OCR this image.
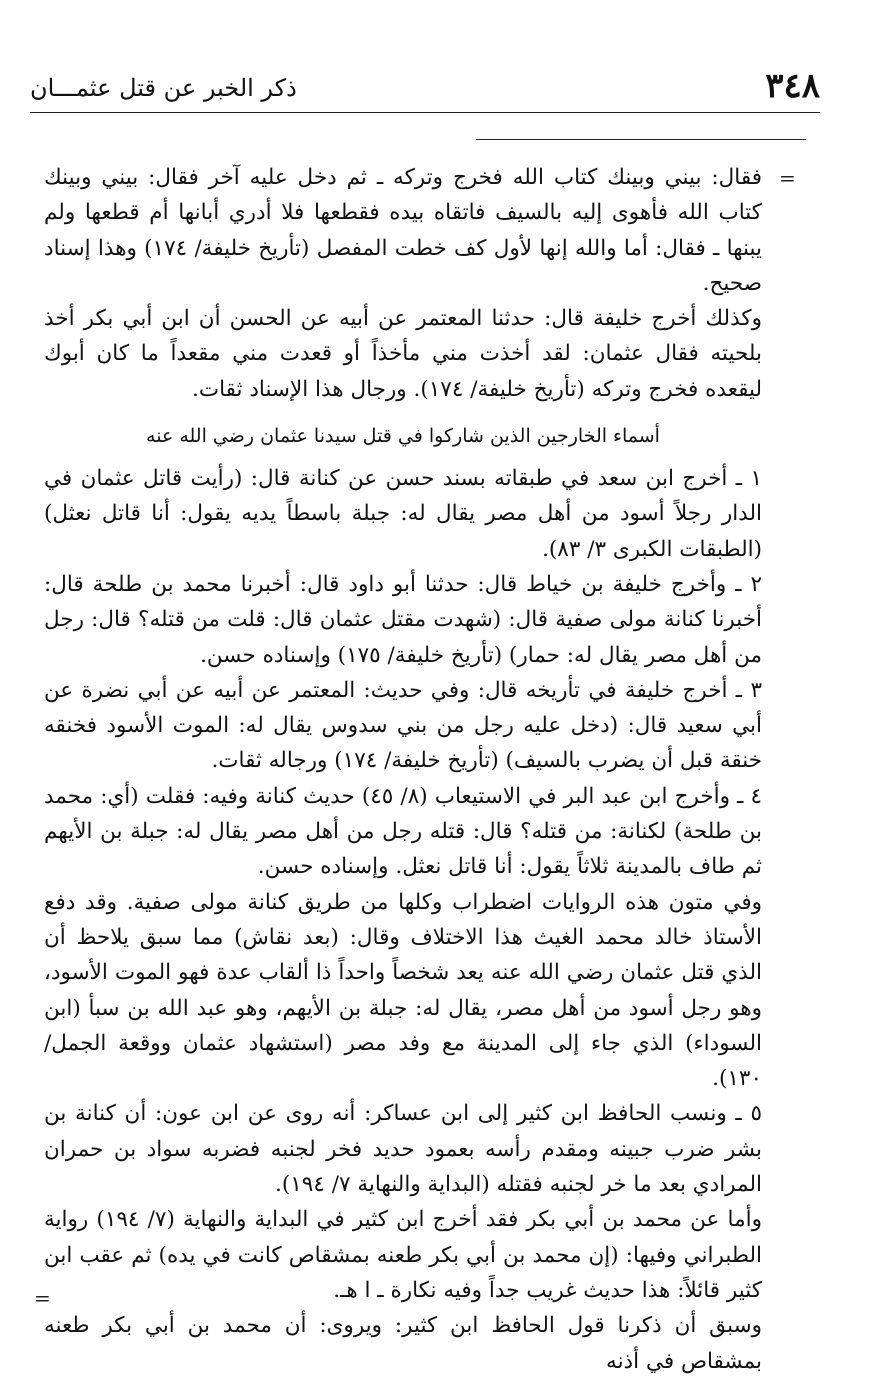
٣٤٨
ذكر الخبر عن قتل عثمـــان
=

فقال: بيني وبينك كتاب الله فخرج وتركه ـ ثم دخل عليه آخر فقال: بيني وبينك كتاب الله فأهوى إليه بالسيف فاتقاه بيده فقطعها فلا أدري أبانها أم قطعها ولم يبنها ـ فقال: أما والله إنها لأول كف خطت المفصل (تأريخ خليفة/ ١٧٤) وهذا إسناد صحيح.

وكذلك أخرج خليفة قال: حدثنا المعتمر عن أبيه عن الحسن أن ابن أبي بكر أخذ بلحيته فقال عثمان: لقد أخذت مني مأخذاً أو قعدت مني مقعداً ما كان أبوك ليقعده فخرج وتركه (تأريخ خليفة/ ١٧٤). ورجال هذا الإسناد ثقات.

أسماء الخارجين الذين شاركوا في قتل سيدنا عثمان رضي الله عنه

١ ـ أخرج ابن سعد في طبقاته بسند حسن عن كنانة قال: (رأيت قاتل عثمان في الدار رجلاً أسود من أهل مصر يقال له: جبلة باسطاً يديه يقول: أنا قاتل نعثل) (الطبقات الكبرى ٣/ ٨٣).

٢ ـ وأخرج خليفة بن خياط قال: حدثنا أبو داود قال: أخبرنا محمد بن طلحة قال: أخبرنا كنانة مولى صفية قال: (شهدت مقتل عثمان قال: قلت من قتله؟ قال: رجل من أهل مصر يقال له: حمار) (تأريخ خليفة/ ١٧٥) وإسناده حسن.

٣ ـ أخرج خليفة في تأريخه قال: وفي حديث: المعتمر عن أبيه عن أبي نضرة عن أبي سعيد قال: (دخل عليه رجل من بني سدوس يقال له: الموت الأسود فخنقه خنقة قبل أن يضرب بالسيف) (تأريخ خليفة/ ١٧٤) ورجاله ثقات.

٤ ـ وأخرج ابن عبد البر في الاستيعاب (٨/ ٤٥) حديث كنانة وفيه: فقلت (أي: محمد بن طلحة) لكنانة: من قتله؟ قال: قتله رجل من أهل مصر يقال له: جبلة بن الأيهم ثم طاف بالمدينة ثلاثاً يقول: أنا قاتل نعثل. وإسناده حسن.

وفي متون هذه الروايات اضطراب وكلها من طريق كنانة مولى صفية. وقد دفع الأستاذ خالد محمد الغيث هذا الاختلاف وقال: (بعد نقاش) مما سبق يلاحظ أن الذي قتل عثمان رضي الله عنه يعد شخصاً واحداً ذا ألقاب عدة فهو الموت الأسود، وهو رجل أسود من أهل مصر، يقال له: جبلة بن الأيهم، وهو عبد الله بن سبأ (ابن السوداء) الذي جاء إلى المدينة مع وفد مصر (استشهاد عثمان ووقعة الجمل/ ١٣٠).

٥ ـ ونسب الحافظ ابن كثير إلى ابن عساكر: أنه روى عن ابن عون: أن كنانة بن بشر ضرب جبينه ومقدم رأسه بعمود حديد فخر لجنبه فضربه سواد بن حمران المرادي بعد ما خر لجنبه فقتله (البداية والنهاية ٧/ ١٩٤).

وأما عن محمد بن أبي بكر فقد أخرج ابن كثير في البداية والنهاية (٧/ ١٩٤) رواية الطبراني وفيها: (إن محمد بن أبي بكر طعنه بمشقاص كانت في يده) ثم عقب ابن كثير قائلاً: هذا حديث غريب جداً وفيه نكارة ـ ا هـ.

وسبق أن ذكرنا قول الحافظ ابن كثير: ويروى: أن محمد بن أبي بكر طعنه بمشقاص في أذنه

=
